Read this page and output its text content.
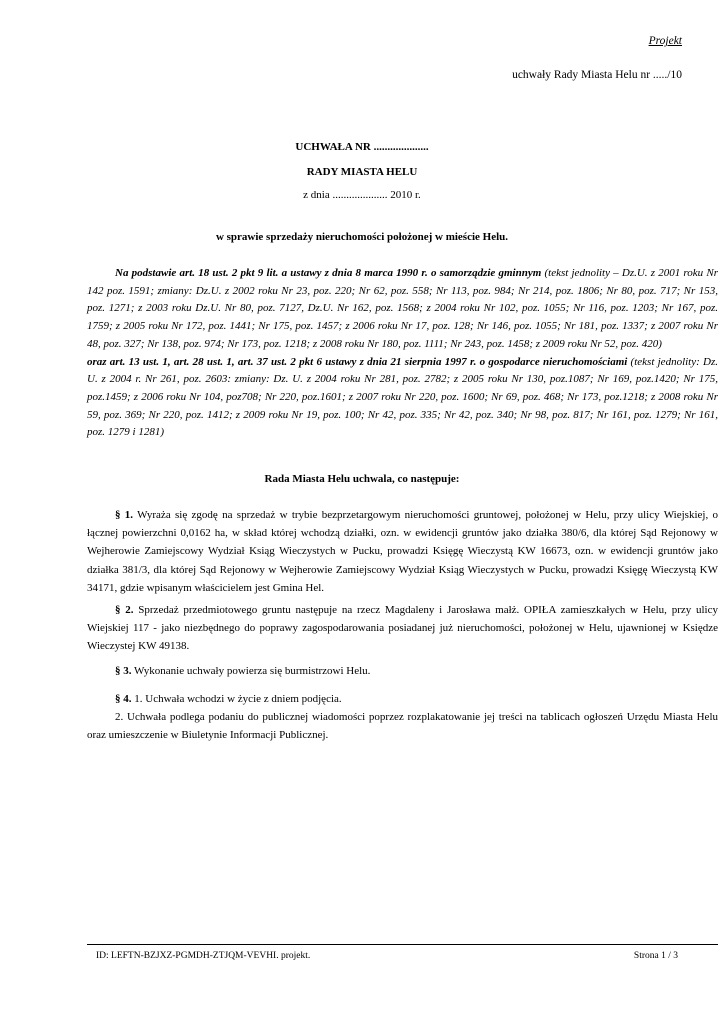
Projekt
uchwały Rady Miasta Helu nr ...../10
UCHWAŁA NR ....................
RADY MIASTA HELU
z dnia .................... 2010 r.
w sprawie sprzedaży nieruchomości położonej w mieście Helu.

Na podstawie art. 18 ust. 2 pkt 9 lit. a ustawy z dnia 8 marca 1990 r. o samorządzie gminnym (tekst jednolity – Dz.U. z 2001 roku Nr 142 poz. 1591; zmiany: Dz.U. z 2002 roku Nr 23, poz. 220; Nr 62, poz. 558; Nr 113, poz. 984; Nr 214, poz. 1806; Nr 80, poz. 717; Nr 153, poz. 1271; z 2003 roku Dz.U. Nr 80, poz. 7127, Dz.U. Nr 162, poz. 1568; z 2004 roku Nr 102, poz. 1055; Nr 116, poz. 1203; Nr 167, poz. 1759; z 2005 roku Nr 172, poz. 1441; Nr 175, poz. 1457; z 2006 roku Nr 17, poz. 128; Nr 146, poz. 1055; Nr 181, poz. 1337; z 2007 roku Nr 48, poz. 327; Nr 138, poz. 974; Nr 173, poz. 1218; z 2008 roku Nr 180, poz. 1111; Nr 243, poz. 1458; z 2009 roku Nr 52, poz. 420)

oraz art. 13 ust. 1, art. 28 ust. 1, art. 37 ust. 2 pkt 6 ustawy z dnia 21 sierpnia 1997 r. o gospodarce nieruchomościami (tekst jednolity: Dz. U. z 2004 r. Nr 261, poz. 2603: zmiany: Dz. U. z 2004 roku Nr 281, poz. 2782; z 2005 roku Nr 130, poz.1087; Nr 169, poz.1420; Nr 175, poz.1459; z 2006 roku Nr 104, poz708; Nr 220, poz.1601; z 2007 roku Nr 220, poz. 1600; Nr 69, poz. 468; Nr 173, poz.1218; z 2008 roku Nr 59, poz. 369; Nr 220, poz. 1412; z 2009 roku Nr 19, poz. 100; Nr 42, poz. 335; Nr 42, poz. 340; Nr 98, poz. 817; Nr 161, poz. 1279; Nr 161, poz. 1279 i 1281)

Rada Miasta Helu uchwala, co następuje:

§ 1. Wyraża się zgodę na sprzedaż w trybie bezprzetargowym nieruchomości gruntowej, położonej w Helu, przy ulicy Wiejskiej, o łącznej powierzchni 0,0162 ha, w skład której wchodzą działki, ozn. w ewidencji gruntów jako działka 380/6, dla której Sąd Rejonowy w Wejherowie Zamiejscowy Wydział Ksiąg Wieczystych w Pucku, prowadzi Księgę Wieczystą KW 16673, ozn. w ewidencji gruntów jako działka 381/3, dla której Sąd Rejonowy w Wejherowie Zamiejscowy Wydział Ksiąg Wieczystych w Pucku, prowadzi Księgę Wieczystą KW 34171, gdzie wpisanym właścicielem jest Gmina Hel.

§ 2. Sprzedaż przedmiotowego gruntu następuje na rzecz Magdaleny i Jarosława małż. OPIŁA zamieszkałych w Helu, przy ulicy Wiejskiej 117 - jako niezbędnego do poprawy zagospodarowania posiadanej już nieruchomości, położonej w Helu, ujawnionej w Księdze Wieczystej KW 49138.

§ 3. Wykonanie uchwały powierza się burmistrzowi Helu.

§ 4. 1. Uchwała wchodzi w życie z dniem podjęcia.

2. Uchwała podlega podaniu do publicznej wiadomości poprzez rozplakatowanie jej treści na tablicach ogłoszeń Urzędu Miasta Helu oraz umieszczenie w Biuletynie Informacji Publicznej.

ID: LEFTN-BZJXZ-PGMDH-ZTJQM-VEVHI. projekt.	Strona 1 / 3
